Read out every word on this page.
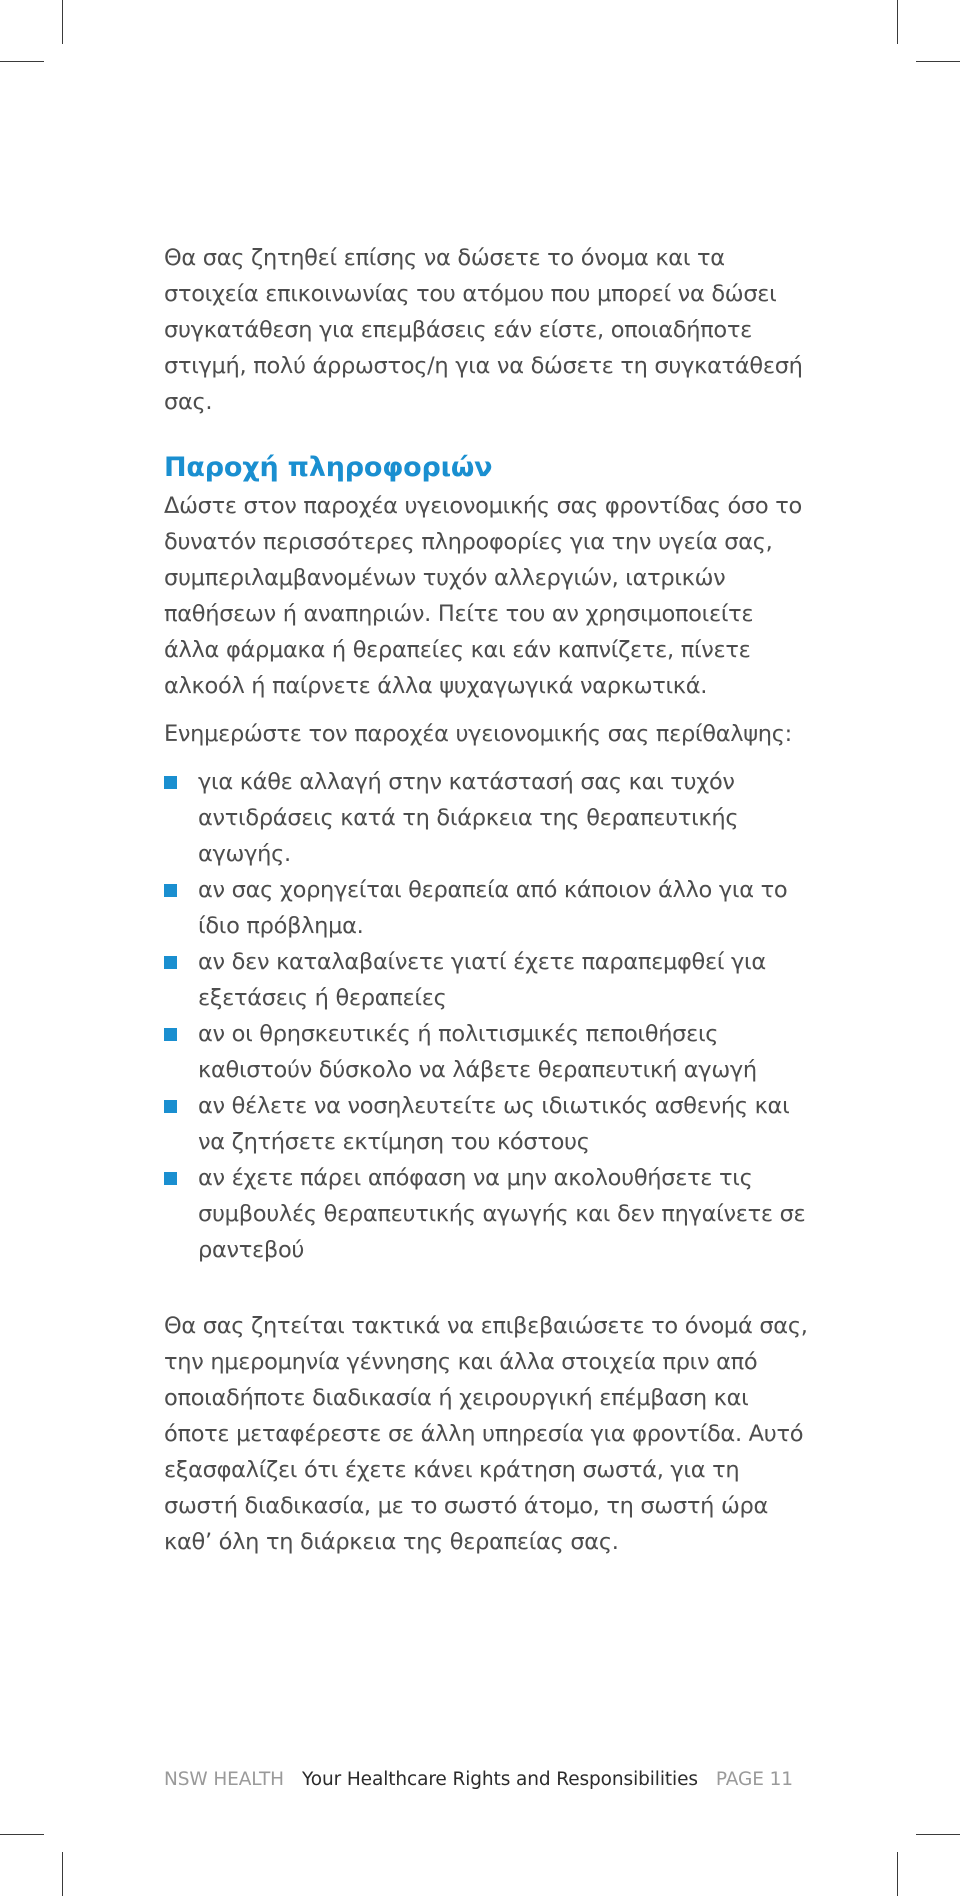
Θα σας ζητηθεί επίσης να δώσετε το όνομα και τα στοιχεία επικοινωνίας του ατόμου που μπορεί να δώσει συγκατάθεση για επεμβάσεις εάν είστε, οποιαδήποτε στιγμή, πολύ άρρωστος/η για να δώσετε τη συγκατάθεσή σας.

Παροχή πληροφοριών

Δώστε στον παροχέα υγειονομικής σας φροντίδας όσο το δυνατόν περισσότερες πληροφορίες για την υγεία σας, συμπεριλαμβανομένων τυχόν αλλεργιών, ιατρικών παθήσεων ή αναπηριών. Πείτε του αν χρησιμοποιείτε άλλα φάρμακα ή θεραπείες και εάν καπνίζετε, πίνετε αλκοόλ ή παίρνετε άλλα ψυχαγωγικά ναρκωτικά.

Ενημερώστε τον παροχέα υγειονομικής σας περίθαλψης:

για κάθε αλλαγή στην κατάστασή σας και τυχόν αντιδράσεις κατά τη διάρκεια της θεραπευτικής αγωγής.
αν σας χορηγείται θεραπεία από κάποιον άλλο για το ίδιο πρόβλημα.
αν δεν καταλαβαίνετε γιατί έχετε παραπεμφθεί για εξετάσεις ή θεραπείες
αν οι θρησκευτικές ή πολιτισμικές πεποιθήσεις καθιστούν δύσκολο να λάβετε θεραπευτική αγωγή
αν θέλετε να νοσηλευτείτε ως ιδιωτικός ασθενής και να ζητήσετε εκτίμηση του κόστους
αν έχετε πάρει απόφαση να μην ακολουθήσετε τις συμβουλές θεραπευτικής αγωγής και δεν πηγαίνετε σε ραντεβού

Θα σας ζητείται τακτικά να επιβεβαιώσετε το όνομά σας, την ημερομηνία γέννησης και άλλα στοιχεία πριν από οποιαδήποτε διαδικασία ή χειρουργική επέμβαση και όποτε μεταφέρεστε σε άλλη υπηρεσία για φροντίδα. Αυτό εξασφαλίζει ότι έχετε κάνει κράτηση σωστά, για τη σωστή διαδικασία, με το σωστό άτομο, τη σωστή ώρα καθ’ όλη τη διάρκεια της θεραπείας σας.

NSW HEALTH Your Healthcare Rights and Responsibilities PAGE 11
